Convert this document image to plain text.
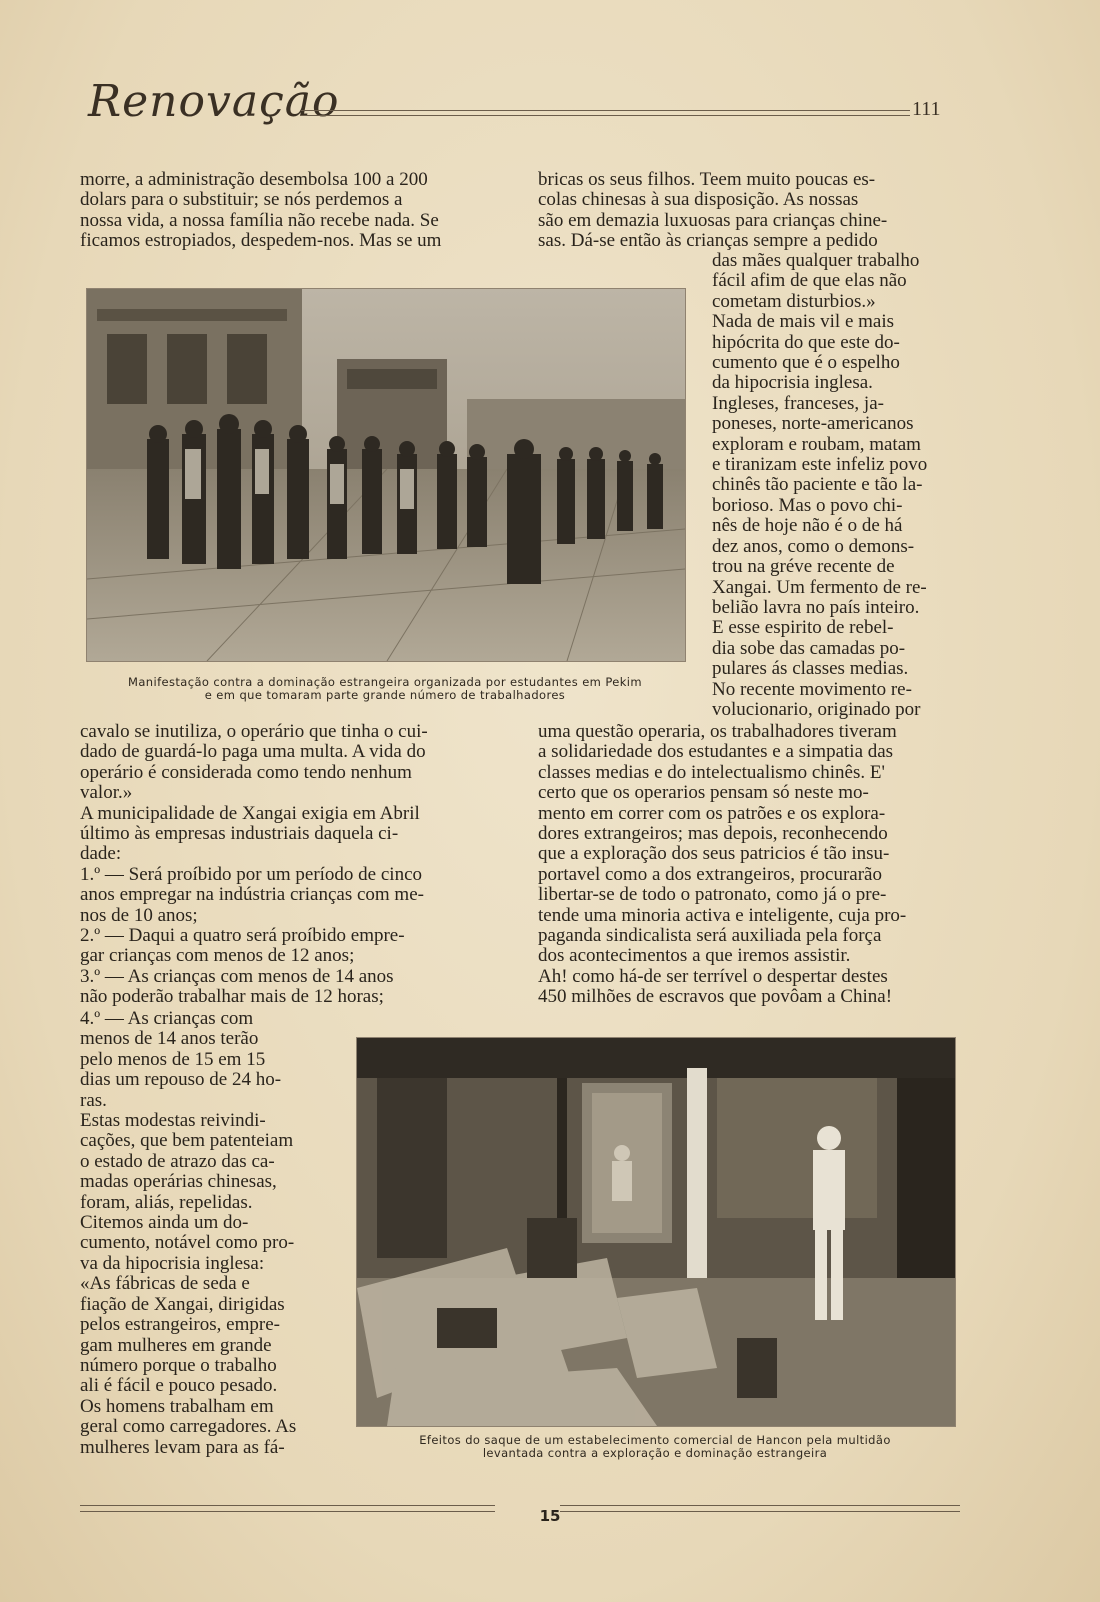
Renovação	111

morre, a administração desembolsa 100 a 200
dolars para o substituir; se nós perdemos a
nossa vida, a nossa família não recebe nada. Se
ficamos estropiados, despedem-nos. Mas se um

bricas os seus filhos. Teem muito poucas es-
colas chinesas à sua disposição. As nossas
são em demazia luxuosas para crianças chine-
sas. Dá-se então às crianças sempre a pedido

das mães qualquer trabalho
fácil afim de que elas não
cometam disturbios.»
Nada de mais vil e mais
hipócrita do que este do-
cumento que é o espelho
da hipocrisia inglesa.
Ingleses, franceses, ja-
poneses, norte-americanos
exploram e roubam, matam
e tiranizam este infeliz povo
chinês tão paciente e tão la-
borioso. Mas o povo chi-
nês de hoje não é o de há
dez anos, como o demons-
trou na gréve recente de
Xangai. Um fermento de re-
belião lavra no país inteiro.
E esse espirito de rebel-
dia sobe das camadas po-
pulares ás classes medias.
No recente movimento re-
volucionario, originado por

Manifestação contra a dominação estrangeira organizada por estudantes em Pekim
e em que tomaram parte grande número de trabalhadores

cavalo se inutiliza, o operário que tinha o cui-
dado de guardá-lo paga uma multa. A vida do
operário é considerada como tendo nenhum
valor.»
A municipalidade de Xangai exigia em Abril
último às empresas industriais daquela ci-
dade:
1.º — Será proíbido por um período de cinco
anos empregar na indústria crianças com me-
nos de 10 anos;
2.º — Daqui a quatro será proíbido empre-
gar crianças com menos de 12 anos;
3.º — As crianças com menos de 14 anos
não poderão trabalhar mais de 12 horas;

uma questão operaria, os trabalhadores tiveram
a solidariedade dos estudantes e a simpatia das
classes medias e do intelectualismo chinês. E'
certo que os operarios pensam só neste mo-
mento em correr com os patrões e os explora-
dores extrangeiros; mas depois, reconhecendo
que a exploração dos seus patricios é tão insu-
portavel como a dos extrangeiros, procurarão
libertar-se de todo o patronato, como já o pre-
tende uma minoria activa e inteligente, cuja pro-
paganda sindicalista será auxiliada pela força
dos acontecimentos a que iremos assistir.
Ah! como há-de ser terrível o despertar destes
450 milhões de escravos que povôam a China!

4.º — As crianças com
menos de 14 anos terão
pelo menos de 15 em 15
dias um repouso de 24 ho-
ras.
Estas modestas reivindi-
cações, que bem patenteiam
o estado de atrazo das ca-
madas operárias chinesas,
foram, aliás, repelidas.
Citemos ainda um do-
cumento, notável como pro-
va da hipocrisia inglesa:
«As fábricas de seda e
fiação de Xangai, dirigidas
pelos estrangeiros, empre-
gam mulheres em grande
número porque o trabalho
ali é fácil e pouco pesado.
Os homens trabalham em
geral como carregadores. As
mulheres levam para as fá-	Efeitos do saque de um estabelecimento comercial de Hancon pela multidão
levantada contra a exploração e dominação estrangeira
15
